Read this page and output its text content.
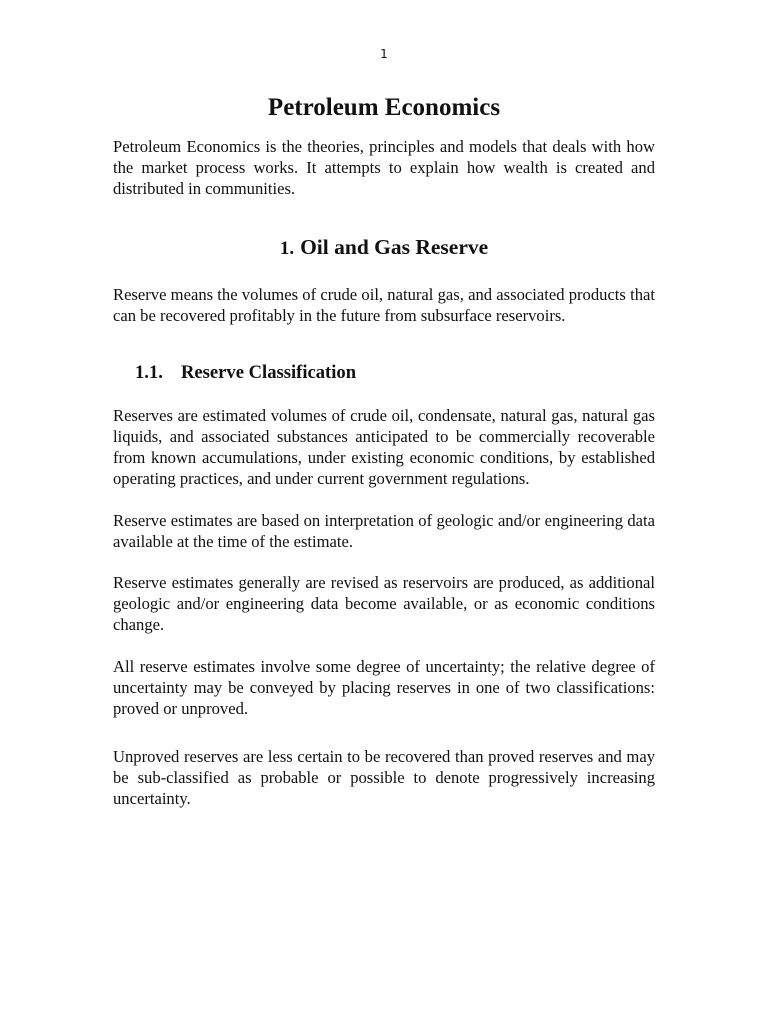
1
Petroleum Economics

Petroleum Economics is the theories, principles and models that deals with how the market process works. It attempts to explain how wealth is created and distributed in communities.

1. Oil and Gas Reserve

Reserve means the volumes of crude oil, natural gas, and associated products that can be recovered profitably in the future from subsurface reservoirs.

1.1. Reserve Classification

Reserves are estimated volumes of crude oil, condensate, natural gas, natural gas liquids, and associated substances anticipated to be commercially recoverable from known accumulations, under existing economic conditions, by established operating practices, and under current government regulations.

Reserve estimates are based on interpretation of geologic and/or engineering data available at the time of the estimate.

Reserve estimates generally are revised as reservoirs are produced, as additional geologic and/or engineering data become available, or as economic conditions change.

All reserve estimates involve some degree of uncertainty; the relative degree of uncertainty may be conveyed by placing reserves in one of two classifications: proved or unproved.

Unproved reserves are less certain to be recovered than proved reserves and may be sub-classified as probable or possible to denote progressively increasing uncertainty.
